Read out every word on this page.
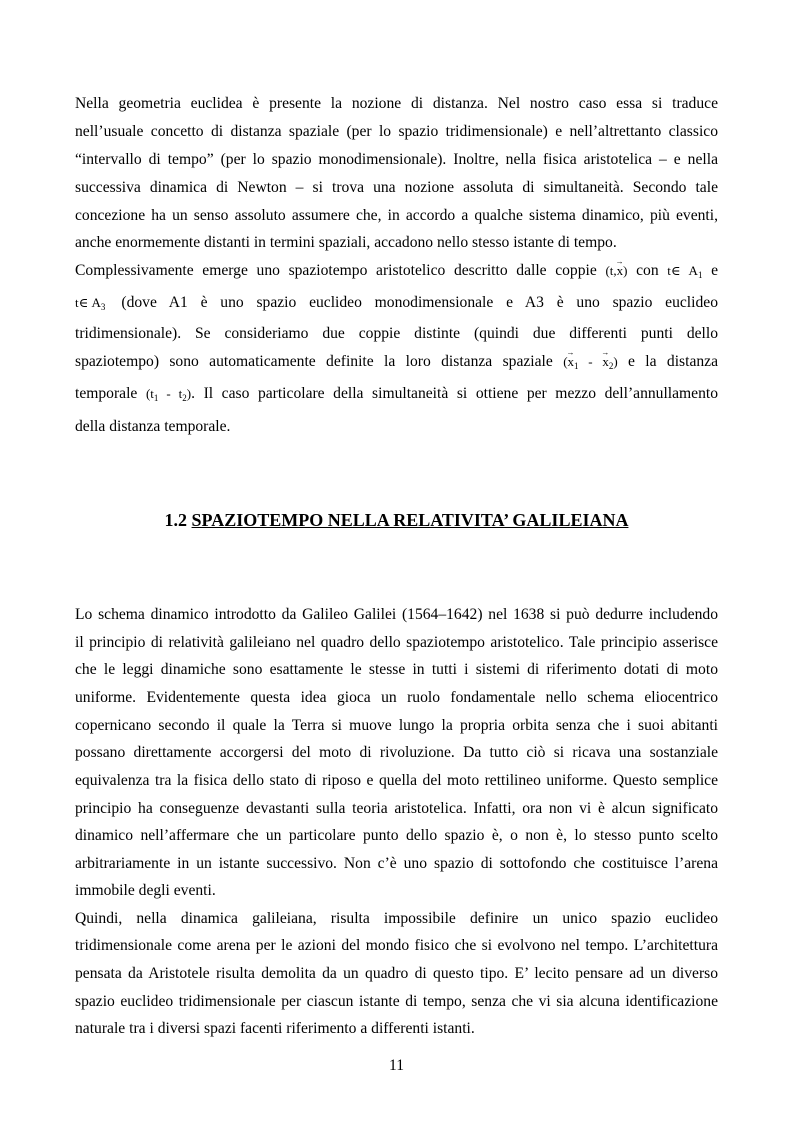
Nella geometria euclidea è presente la nozione di distanza. Nel nostro caso essa si traduce
nell’usuale concetto di distanza spaziale (per lo spazio tridimensionale) e nell’altrettanto classico
“intervallo di tempo” (per lo spazio monodimensionale). Inoltre, nella fisica aristotelica – e nella
successiva dinamica di Newton – si trova una nozione assoluta di simultaneità. Secondo tale
concezione ha un senso assoluto assumere che, in accordo a qualche sistema dinamico, più eventi,
anche enormemente distanti in termini spaziali, accadono nello stesso istante di tempo.
Complessivamente emerge uno spaziotempo aristotelico descritto dalle coppie (t,→ x) con t∈ $A_1$ e
t∈ $A_3$ (dove A1 è uno spazio euclideo monodimensionale e A3 è uno spazio euclideo
tridimensionale). Se consideriamo due coppie distinte (quindi due differenti punti dello
spaziotempo) sono automaticamente definite la loro distanza spaziale (→ $x_1$ - → $x_2$) e la distanza
temporale $(t_1 - t_2)$. Il caso particolare della simultaneità si ottiene per mezzo dell’annullamento
della distanza temporale.
1.2 SPAZIOTEMPO NELLA RELATIVITA’ GALILEIANA
Lo schema dinamico introdotto da Galileo Galilei (1564–1642) nel 1638 si può dedurre includendo
il principio di relatività galileiano nel quadro dello spaziotempo aristotelico. Tale principio asserisce
che le leggi dinamiche sono esattamente le stesse in tutti i sistemi di riferimento dotati di moto
uniforme. Evidentemente questa idea gioca un ruolo fondamentale nello schema eliocentrico
copernicano secondo il quale la Terra si muove lungo la propria orbita senza che i suoi abitanti
possano direttamente accorgersi del moto di rivoluzione. Da tutto ciò si ricava una sostanziale
equivalenza tra la fisica dello stato di riposo e quella del moto rettilineo uniforme. Questo semplice
principio ha conseguenze devastanti sulla teoria aristotelica. Infatti, ora non vi è alcun significato
dinamico nell’affermare che un particolare punto dello spazio è, o non è, lo stesso punto scelto
arbitrariamente in un istante successivo. Non c’è uno spazio di sottofondo che costituisce l’arena
immobile degli eventi.
Quindi, nella dinamica galileiana, risulta impossibile definire un unico spazio euclideo
tridimensionale come arena per le azioni del mondo fisico che si evolvono nel tempo. L’architettura
pensata da Aristotele risulta demolita da un quadro di questo tipo. E’ lecito pensare ad un diverso
spazio euclideo tridimensionale per ciascun istante di tempo, senza che vi sia alcuna identificazione
naturale tra i diversi spazi facenti riferimento a differenti istanti.
11
